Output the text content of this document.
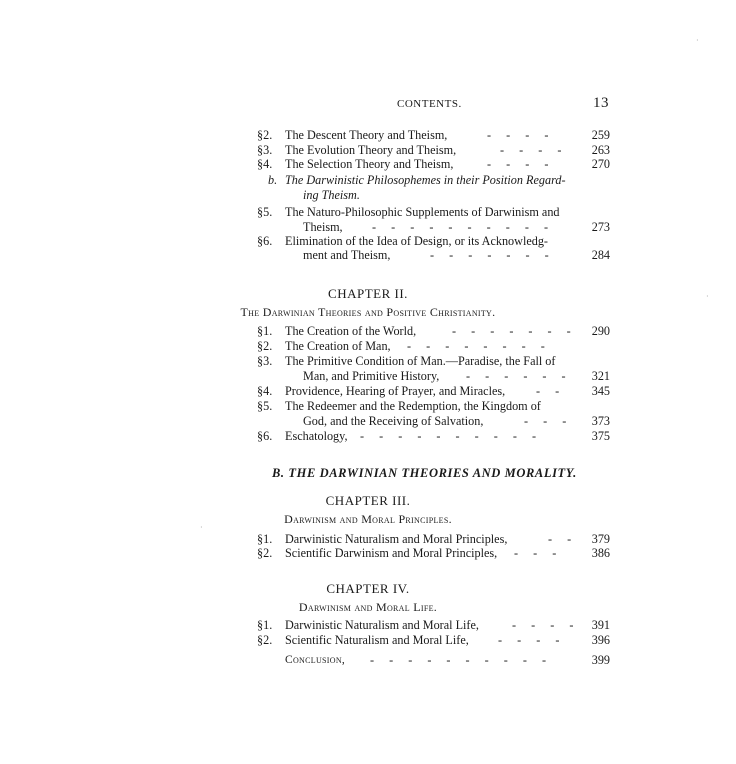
CONTENTS.	13
§2. The Descent Theory and Theism,	- - - -	259
§3. The Evolution Theory and Theism,	- - - -	263
§4. The Selection Theory and Theism,	- - - -	270
b. The Darwinistic Philosophemes in their Position Regard-
ing Theism.
§5. The Naturo-Philosophic Supplements of Darwinism and
Theism, - - - - - - - - - -	273
§6. Elimination of the Idea of Design, or its Acknowledg-
ment and Theism,	- - - - - - -	284
CHAPTER II.
The Darwinian Theories and Positive Christianity.
§1. The Creation of the World,	- - - - - - -	290
§2. The Creation of Man, - - - - - - - -
§3. The Primitive Condition of Man.—Paradise, the Fall of
Man, and Primitive History, - - - - - -	321
§4. Providence, Hearing of Prayer, and Miracles,	- -	345
§5. The Redeemer and the Redemption, the Kingdom of
God, and the Receiving of Salvation,	- - -	373
§6. Eschatology, - - - - - - - - - -	375
B. THE DARWINIAN THEORIES AND MORALITY.
CHAPTER III.
Darwinism and Moral Principles.
§1. Darwinistic Naturalism and Moral Principles,	- -	379
§2. Scientific Darwinism and Moral Principles, - - -	386
CHAPTER IV.
Darwinism and Moral Life.
§1. Darwinistic Naturalism and Moral Life,	- - - -	391
§2. Scientific Naturalism and Moral Life, - - - -	396
Conclusion, - - - - - - - - - -	399
·
·
·
